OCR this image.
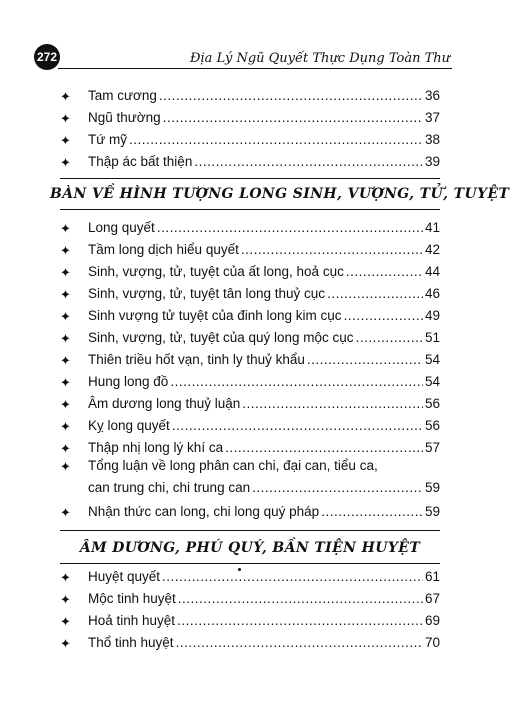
272	Địa Lý Ngũ Quyết Thực Dụng Toàn Thư
✦ Tam cương .....	36
✦ Ngũ thường .....	37
✦ Tứ mỹ .....	38
✦ Thập ác bất thiện .....	39
BÀN VỀ HÌNH TƯỢNG LONG SINH, VƯỢNG, TỬ, TUYỆT
✦ Long quyết .....	41
✦ Tầm long dịch hiểu quyết .....	42
✦ Sinh, vượng, tử, tuyệt của ất long, hoả cục .....	44
✦ Sinh, vượng, tử, tuyệt tân long thuỷ cục .....	46
✦ Sinh vượng tử tuyệt của đinh long kim cục .....	49
✦ Sinh, vượng, tử, tuyệt của quý long mộc cục .....	51
✦ Thiên triều hốt vạn, tinh ly thuỷ khẩu .....	54
✦ Hung long đồ .....	54
✦ Âm dương long thuỷ luận .....	56
✦ Kỵ long quyết .....	56
✦ Thập nhị long lý khí ca .....	57
✦ Tổng luận về long phân can chi, đại can, tiểu ca,
can trung chi, chi trung can .....	59
✦ Nhận thức can long, chi long quý pháp .....	59
ÂM DƯƠNG, PHÚ QUÝ, BẦN TIỆN HUYỆT
✦ Huyệt quyết .....	61
✦ Mộc tinh huyệt .....	67
✦ Hoả tinh huyệt .....	69
✦ Thổ tinh huyệt .....	70
